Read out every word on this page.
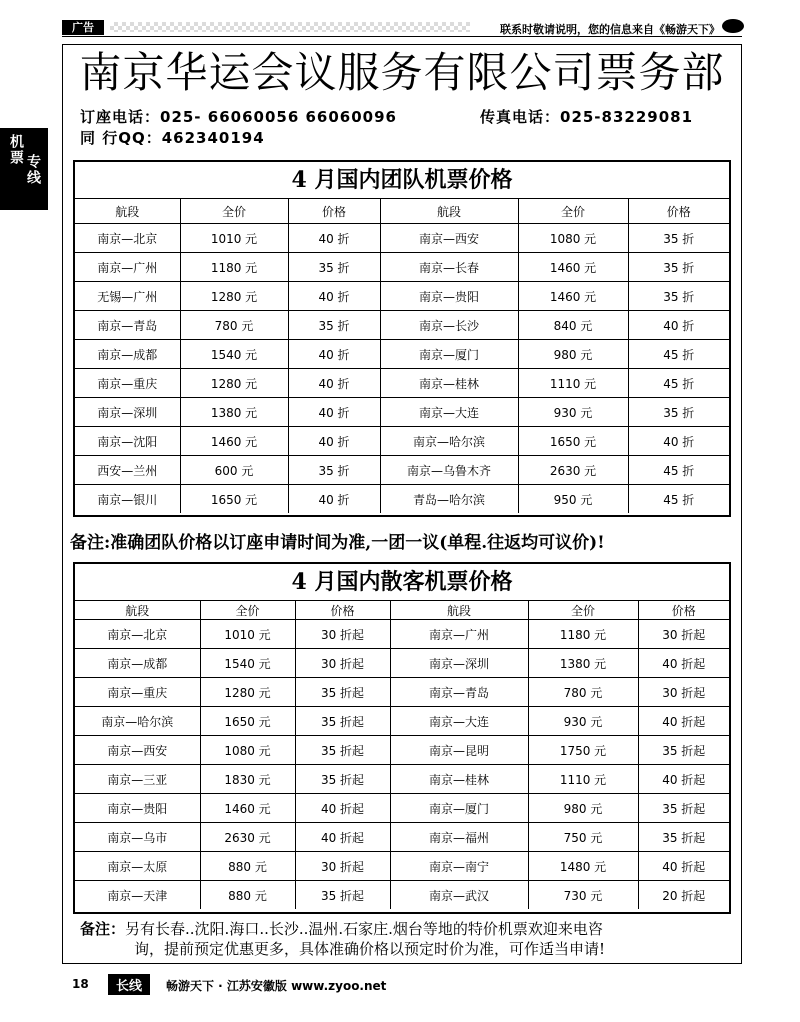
广告	联系时敬请说明，您的信息来自《畅游天下》
机票
专线
南京华运会议服务有限公司票务部
订座电话：025- 66060056 66060096	传真电话：025-83229081
同 行QQ：462340194
4 月国内团队机票价格
航段	全价	价格	航段	全价	价格
南京—北京	1010 元	40 折	南京—西安	1080 元	35 折
南京—广州	1180 元	35 折	南京—长春	1460 元	35 折
无锡—广州	1280 元	40 折	南京—贵阳	1460 元	35 折
南京—青岛	780 元	35 折	南京—长沙	840 元	40 折
南京—成都	1540 元	40 折	南京—厦门	980 元	45 折
南京—重庆	1280 元	40 折	南京—桂林	1110 元	45 折
南京—深圳	1380 元	40 折	南京—大连	930 元	35 折
南京—沈阳	1460 元	40 折	南京—哈尔滨	1650 元	40 折
西安—兰州	600 元	35 折	南京—乌鲁木齐	2630 元	45 折
南京—银川	1650 元	40 折	青岛—哈尔滨	950 元	45 折
备注:准确团队价格以订座申请时间为准,一团一议(单程.往返均可议价)!
4 月国内散客机票价格
航段	全价	价格	航段	全价	价格
南京—北京	1010 元	30 折起	南京—广州	1180 元	30 折起
南京—成都	1540 元	30 折起	南京—深圳	1380 元	40 折起
南京—重庆	1280 元	35 折起	南京—青岛	780 元	30 折起
南京—哈尔滨	1650 元	35 折起	南京—大连	930 元	40 折起
南京—西安	1080 元	35 折起	南京—昆明	1750 元	35 折起
南京—三亚	1830 元	35 折起	南京—桂林	1110 元	40 折起
南京—贵阳	1460 元	40 折起	南京—厦门	980 元	35 折起
南京—乌市	2630 元	40 折起	南京—福州	750 元	35 折起
南京—太原	880 元	30 折起	南京—南宁	1480 元	40 折起
南京—天津	880 元	35 折起	南京—武汉	730 元	20 折起
备注：另有长春..沈阳.海口..长沙..温州.石家庄.烟台等地的特价机票欢迎来电咨
询，提前预定优惠更多，具体准确价格以预定时价为准，可作适当申请!
18	长线	畅游天下 · 江苏安徽版 www.zyoo.net
